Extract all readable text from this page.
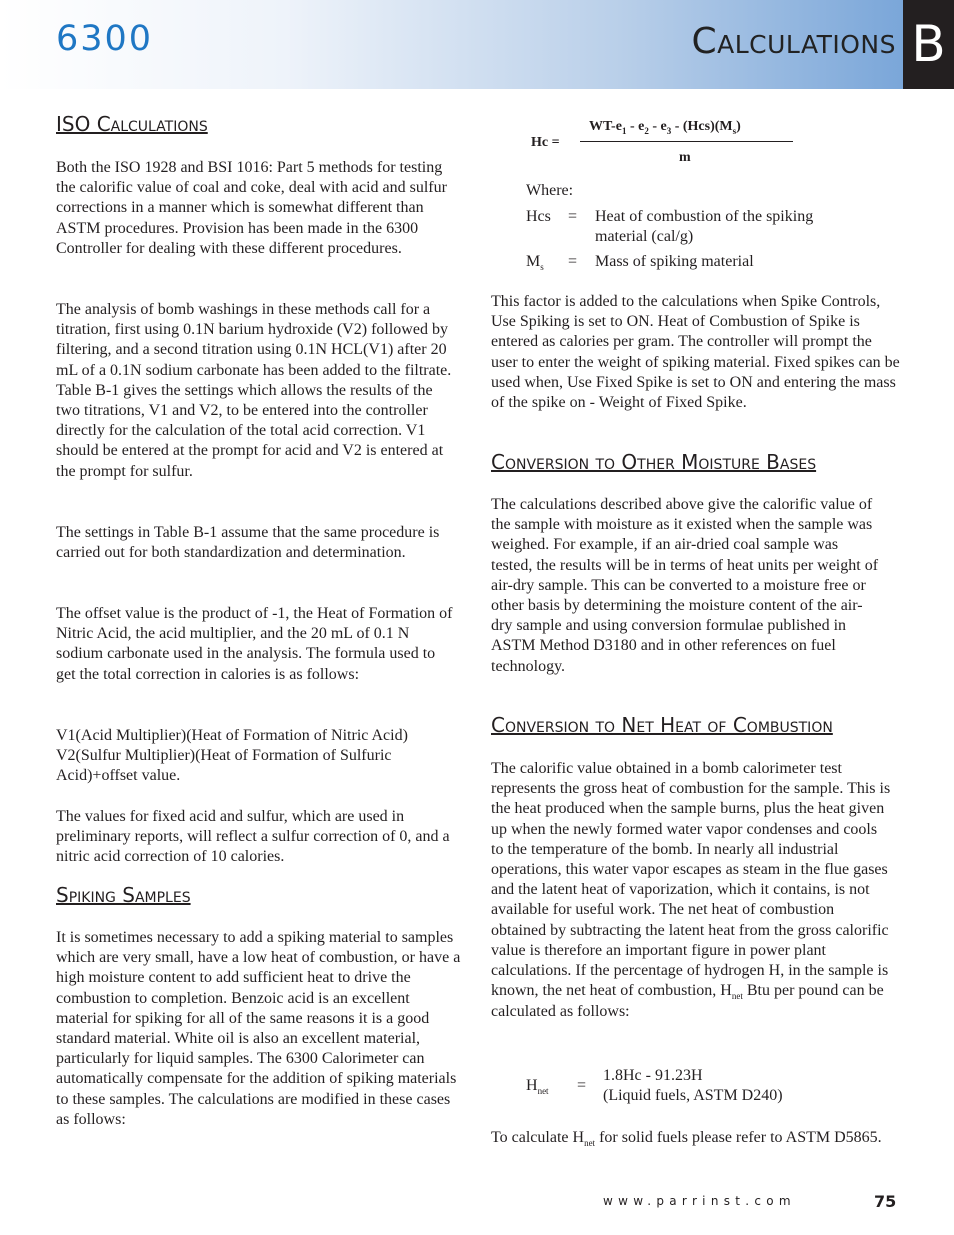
6300	Calculations B
ISO Calculations

Both the ISO 1928 and BSI 1016: Part 5 methods for testing the calorific value of coal and coke, deal with acid and sulfur corrections in a manner which is somewhat different than ASTM procedures. Provision has been made in the 6300 Controller for dealing with these different procedures.

The analysis of bomb washings in these methods call for a titration, first using 0.1N barium hydroxide (V2) followed by filtering, and a second titration using 0.1N HCL(V1) after 20 mL of a 0.1N sodium carbonate has been added to the filtrate. Table B-1 gives the settings which allows the results of the two titrations, V1 and V2, to be entered into the controller directly for the calculation of the total acid correction. V1 should be entered at the prompt for acid and V2 is entered at the prompt for sulfur.

The settings in Table B-1 assume that the same procedure is carried out for both standardization and determination.

The offset value is the product of -1, the Heat of Formation of Nitric Acid, the acid multiplier, and the 20 mL of 0.1 N sodium carbonate used in the analysis. The formula used to get the total correction in calories is as follows:

V1(Acid Multiplier)(Heat of Formation of Nitric Acid) V2(Sulfur Multiplier)(Heat of Formation of Sulfuric Acid)+offset value.

The values for fixed acid and sulfur, which are used in preliminary reports, will reflect a sulfur correction of 0, and a nitric acid correction of 10 calories.

Spiking Samples

It is sometimes necessary to add a spiking material to samples which are very small, have a low heat of combustion, or have a high moisture content to add sufficient heat to drive the combustion to completion. Benzoic acid is an excellent material for spiking for all of the same reasons it is a good standard material. White oil is also an excellent material, particularly for liquid samples. The 6300 Calorimeter can automatically compensate for the addition of spiking materials to these samples. The calculations are modified in these cases as follows:

Hc =
$WT-e_1 - e_2 - e_3 - (Hcs)(M_s)$
m
Where:
Hcs = Heat of combustion of the spiking material (cal/g)
$M_s$ = Mass of spiking material

This factor is added to the calculations when Spike Controls, Use Spiking is set to ON. Heat of Combustion of Spike is entered as calories per gram. The controller will prompt the user to enter the weight of spiking material. Fixed spikes can be used when, Use Fixed Spike is set to ON and entering the mass of the spike on - Weight of Fixed Spike.

Conversion to Other Moisture Bases

The calculations described above give the calorific value of the sample with moisture as it existed when the sample was weighed. For example, if an air-dried coal sample was tested, the results will be in terms of heat units per weight of air-dry sample. This can be converted to a moisture free or other basis by determining the moisture content of the air-dry sample and using conversion formulae published in ASTM Method D3180 and in other references on fuel technology.

Conversion to Net Heat of Combustion

The calorific value obtained in a bomb calorimeter test represents the gross heat of combustion for the sample. This is the heat produced when the sample burns, plus the heat given up when the newly formed water vapor condenses and cools to the temperature of the bomb. In nearly all industrial operations, this water vapor escapes as steam in the flue gases and the latent heat of vaporization, which it contains, is not available for useful work. The net heat of combustion obtained by subtracting the latent heat from the gross calorific value is therefore an important figure in power plant calculations. If the percentage of hydrogen H, in the sample is known, the net heat of combustion, $H_{net}$ Btu per pound can be calculated as follows:

$H_{net}$ =
1.8Hc - 91.23H
(Liquid fuels, ASTM D240)

To calculate $H_{net}$ for solid fuels please refer to ASTM D5865.

www.parrinst.com	75
